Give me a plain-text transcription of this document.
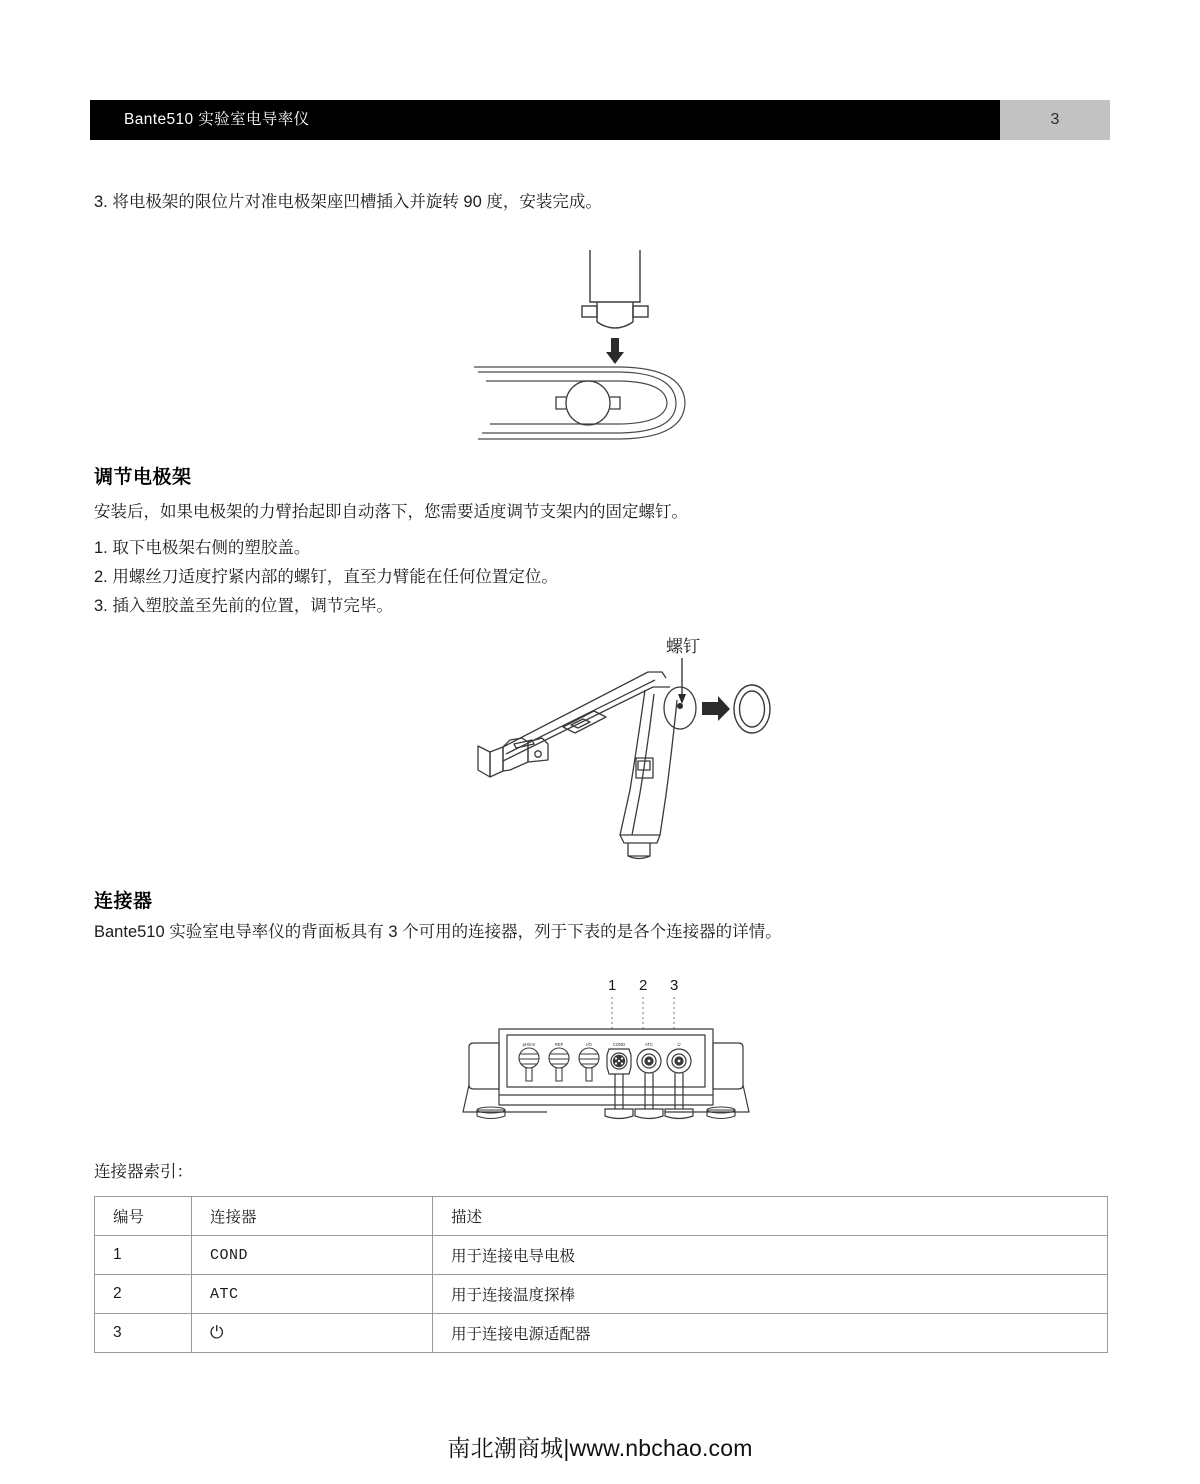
Bante510 实验室电导率仪	3
3. 将电极架的限位片对准电极架座凹槽插入并旋转 90 度，安装完成。
调节电极架
安装后，如果电极架的力臂抬起即自动落下，您需要适度调节支架内的固定螺钉。
1. 取下电极架右侧的塑胶盖。
2. 用螺丝刀适度拧紧内部的螺钉，直至力臂能在任何位置定位。
3. 插入塑胶盖至先前的位置，调节完毕。
螺钉
连接器
Bante510 实验室电导率仪的背面板具有 3 个可用的连接器，列于下表的是各个连接器的详情。
1 2 3
pH/mV	REF	I/O	COND	ATC	⏻
连接器索引：
编号	连接器	描述
1	COND	用于连接电导电极
2	ATC	用于连接温度探棒
3	⏻	用于连接电源适配器
南北潮商城|www.nbchao.com
